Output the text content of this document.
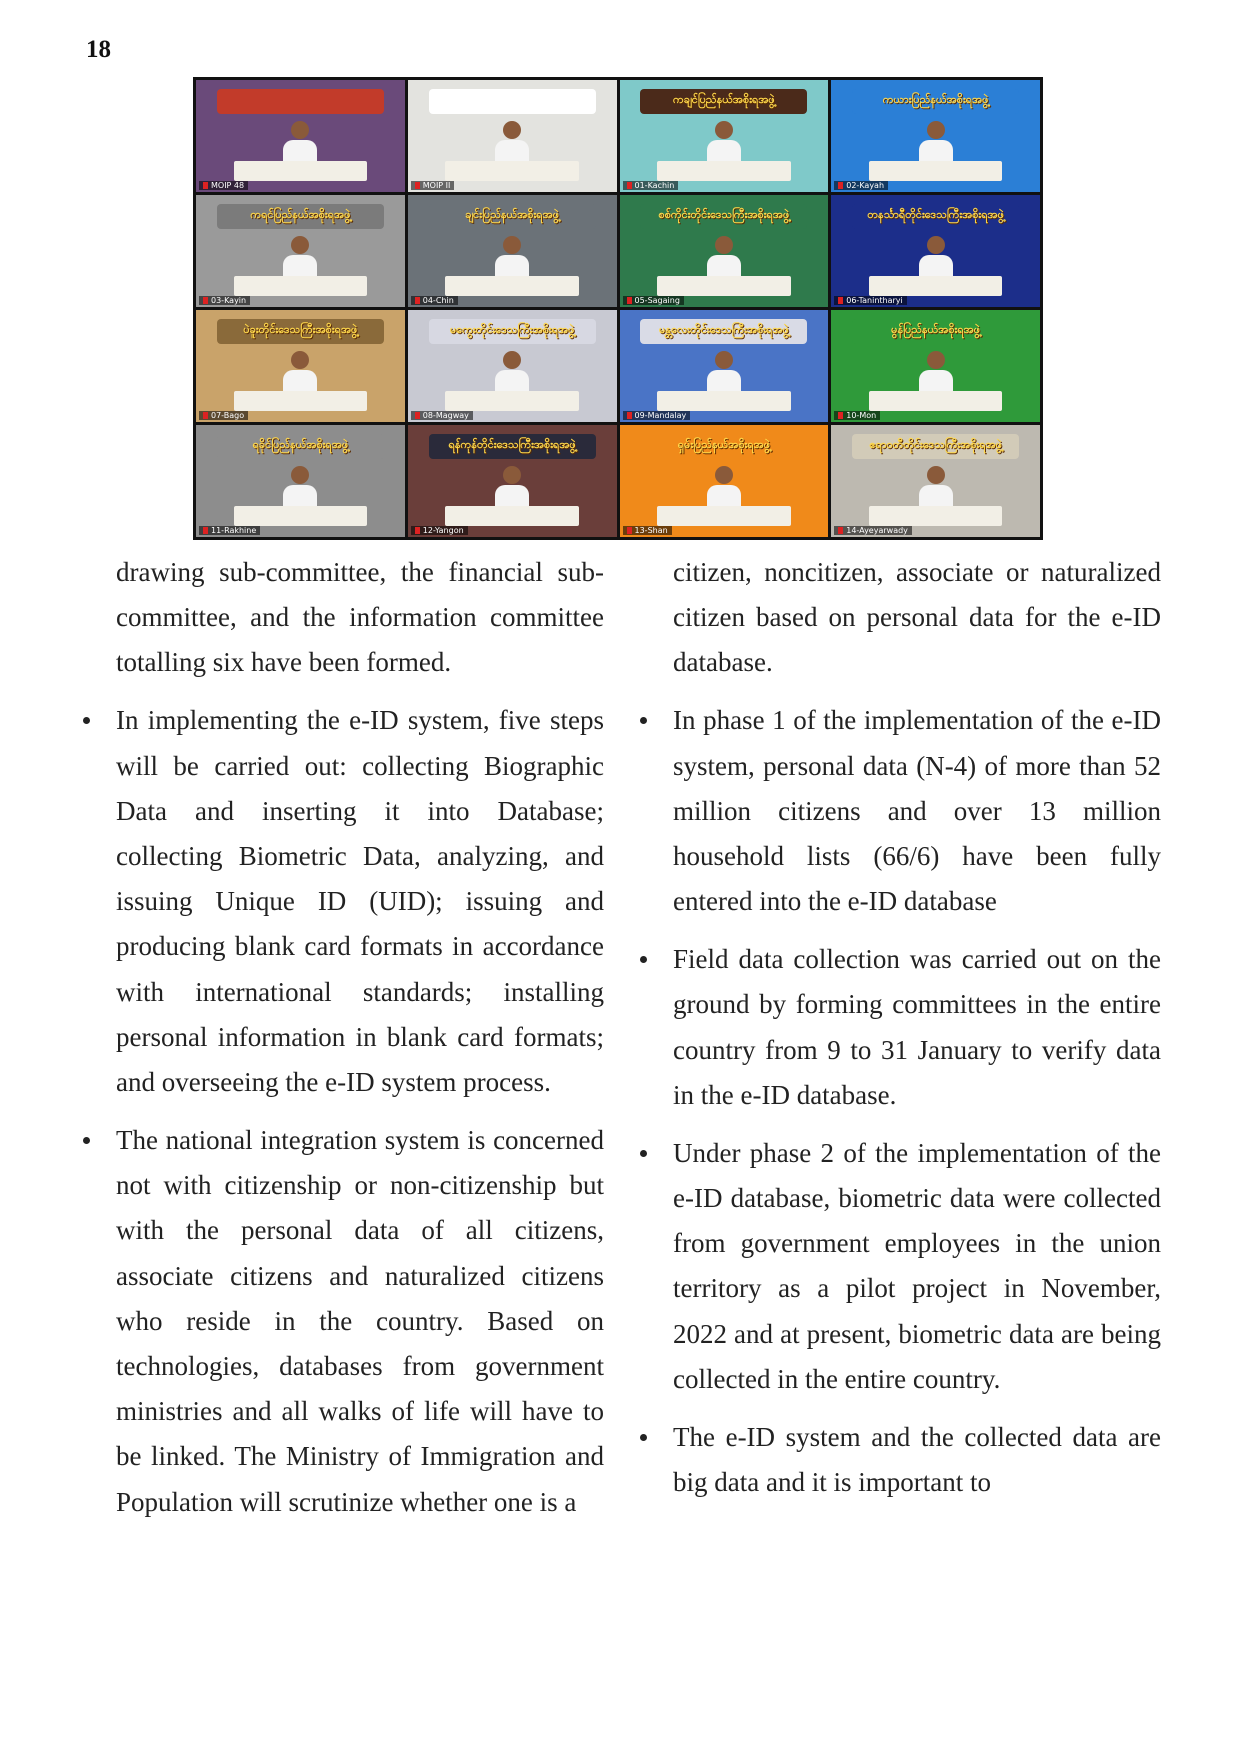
18
MOIP 48	MOIP II
ကချင်ပြည်နယ်အစိုးရအဖွဲ့
01-Kachin
ကယားပြည်နယ်အစိုးရအဖွဲ့
02-Kayah
ကရင်ပြည်နယ်အစိုးရအဖွဲ့
03-Kayin
ချင်းပြည်နယ်အစိုးရအဖွဲ့
04-Chin
စစ်ကိုင်းတိုင်းဒေသကြီးအစိုးရအဖွဲ့
05-Sagaing
တနင်္သာရီတိုင်းဒေသကြီးအစိုးရအဖွဲ့
06-Tanintharyi
ပဲခူးတိုင်းဒေသကြီးအစိုးရအဖွဲ့
07-Bago
မကွေးတိုင်းဒေသကြီးအစိုးရအဖွဲ့
08-Magway
မန္တလေးတိုင်းဒေသကြီးအစိုးရအဖွဲ့
09-Mandalay
မွန်ပြည်နယ်အစိုးရအဖွဲ့
10-Mon
ရခိုင်ပြည်နယ်အစိုးရအဖွဲ့
11-Rakhine
ရန်ကုန်တိုင်းဒေသကြီးအစိုးရအဖွဲ့
12-Yangon
ရှမ်းပြည်နယ်အစိုးရအဖွဲ့
13-Shan
ဧရာဝတီတိုင်းဒေသကြီးအစိုးရအဖွဲ့
14-Ayeyarwady

drawing sub-committee, the financial sub-committee, and the information committee totalling six have been formed.

In implementing the e-ID system, five steps will be carried out: collecting Biographic Data and inserting it into Database; collecting Biometric Data, analyzing, and issuing Unique ID (UID); issuing and producing blank card formats in accordance with international standards; installing personal information in blank card formats; and overseeing the e-ID system process.

The national integration system is concerned not with citizenship or non-citizenship but with the personal data of all citizens, associate citizens and naturalized citizens who reside in the country. Based on technologies, databases from government ministries and all walks of life will have to be linked. The Ministry of Immigration and Population will scrutinize whether one is a

citizen, noncitizen, associate or naturalized citizen based on personal data for the e-ID database.

In phase 1 of the implementation of the e-ID system, personal data (N-4) of more than 52 million citizens and over 13 million household lists (66/6) have been fully entered into the e-ID database

Field data collection was carried out on the ground by forming committees in the entire country from 9 to 31 January to verify data in the e-ID database.

Under phase 2 of the implementation of the e-ID database, biometric data were collected from government employees in the union territory as a pilot project in November, 2022 and at present, biometric data are being collected in the entire country.

The e-ID system and the collected data are big data and it is important to
